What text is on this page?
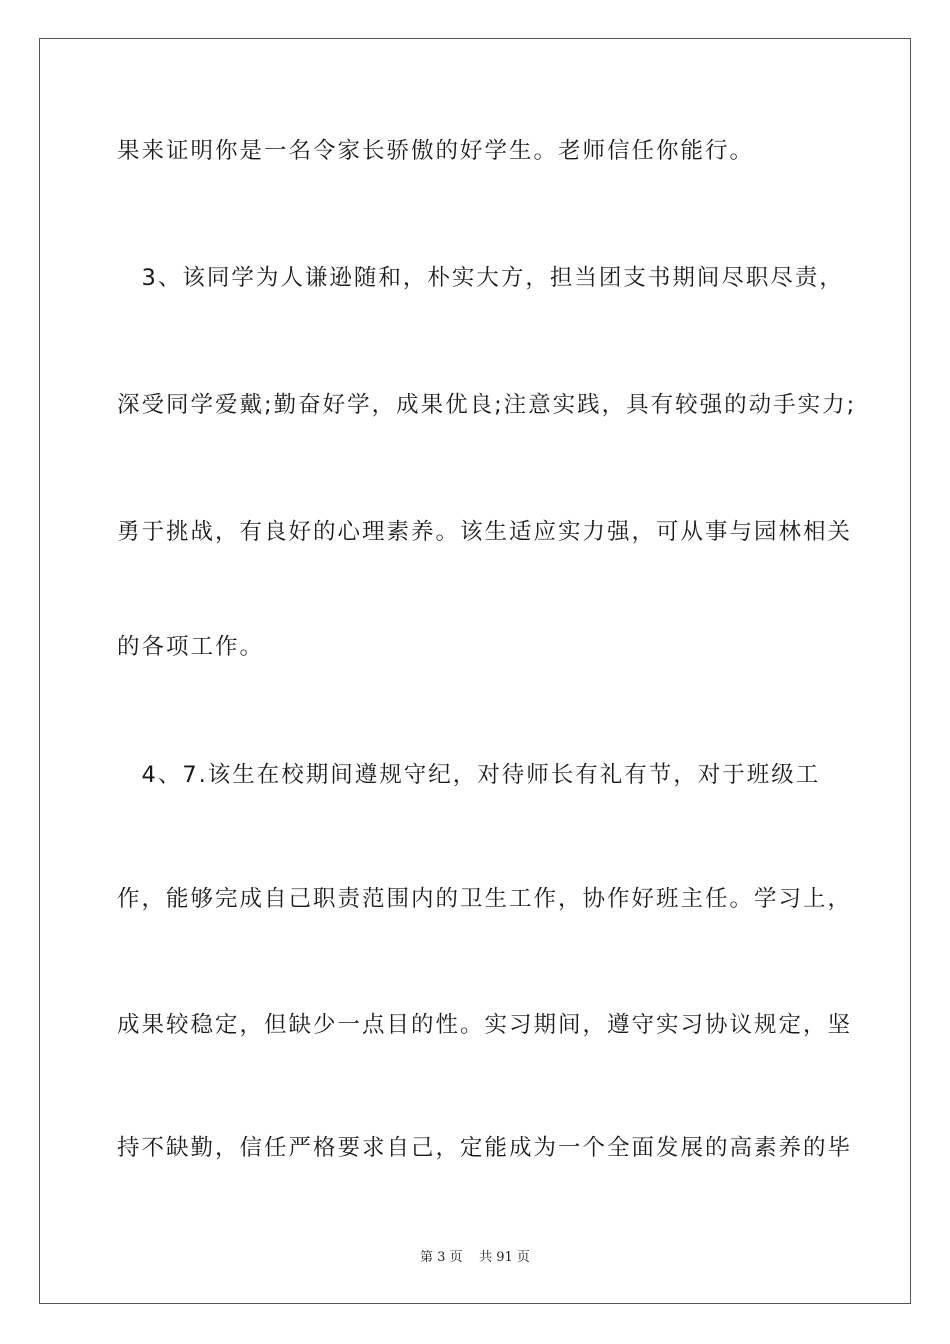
果来证明你是一名令家长骄傲的好学生。老师信任你能行。
　3、该同学为人谦逊随和，朴实大方，担当团支书期间尽职尽责，
深受同学爱戴;勤奋好学，成果优良;注意实践，具有较强的动手实力;
勇于挑战，有良好的心理素养。该生适应实力强，可从事与园林相关
的各项工作。
　4、7.该生在校期间遵规守纪，对待师长有礼有节，对于班级工
作，能够完成自己职责范围内的卫生工作，协作好班主任。学习上，
成果较稳定，但缺少一点目的性。实习期间，遵守实习协议规定，坚
持不缺勤，信任严格要求自己，定能成为一个全面发展的高素养的毕
第 3 页 共 91 页
